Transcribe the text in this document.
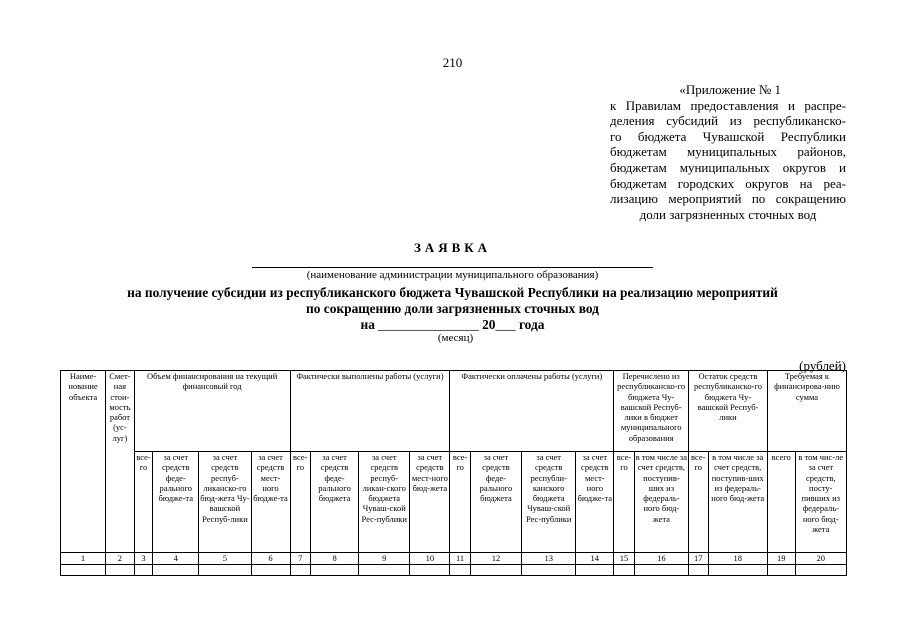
210
«Приложение № 1
к Правилам предоставления и распре-
деления субсидий из республиканско-
го бюджета Чувашской Республики
бюджетам муниципальных районов,
бюджетам муниципальных округов и
бюджетам городских округов на реа-
лизацию мероприятий по сокращению
доли загрязненных сточных вод
ЗАЯВКА
(наименование администрации муниципального образования)
на получение субсидии из республиканского бюджета Чувашской Республики на реализацию мероприятий
по сокращению доли загрязненных сточных вод
на _______________ 20___ года
(месяц)
(рублей)
Наиме-нование объекта	Смет-ная стои-мость работ (ус-луг)	Объем финансирования на текущий финансовый год				Фактически выполнены работы (услуги)				Фактически оплачены работы (услуги)				Перечислено из республиканско-го бюджета Чу-вашской Респуб-лики в бюджет муниципального образования		Остаток средств республиканско-го бюджета Чу-вашской Респуб-лики		Требуемая к финансирова-нию сумма	
		все-го	за счет средств феде-рального бюдже-та	за счет средств респуб-ликанско-го бюд-жета Чу-вашской Респуб-лики	за счет средств мест-ного бюдже-та	все-го	за счет средств феде-рального бюджета	за счет средств респуб-ликан-ского бюджета Чуваш-ской Рес-публики	за счет средств мест-ного бюд-жета	все-го	за счет средств феде-рального бюджета	за счет средств республи-канского бюджета Чуваш-ской Рес-публики	за счет средств мест-ного бюдже-та	все-го	в том числе за счет средств, поступив-ших из федераль-ного бюд-жета	все-го	в том числе за счет средств, поступив-ших из федераль-ного бюд-жета	всего	в том чис-ле за счет средств, посту-пивших из федераль-ного бюд-жета
1	2	3	4	5	6	7	8	9	10	11	12	13	14	15	16	17	18	19	20
